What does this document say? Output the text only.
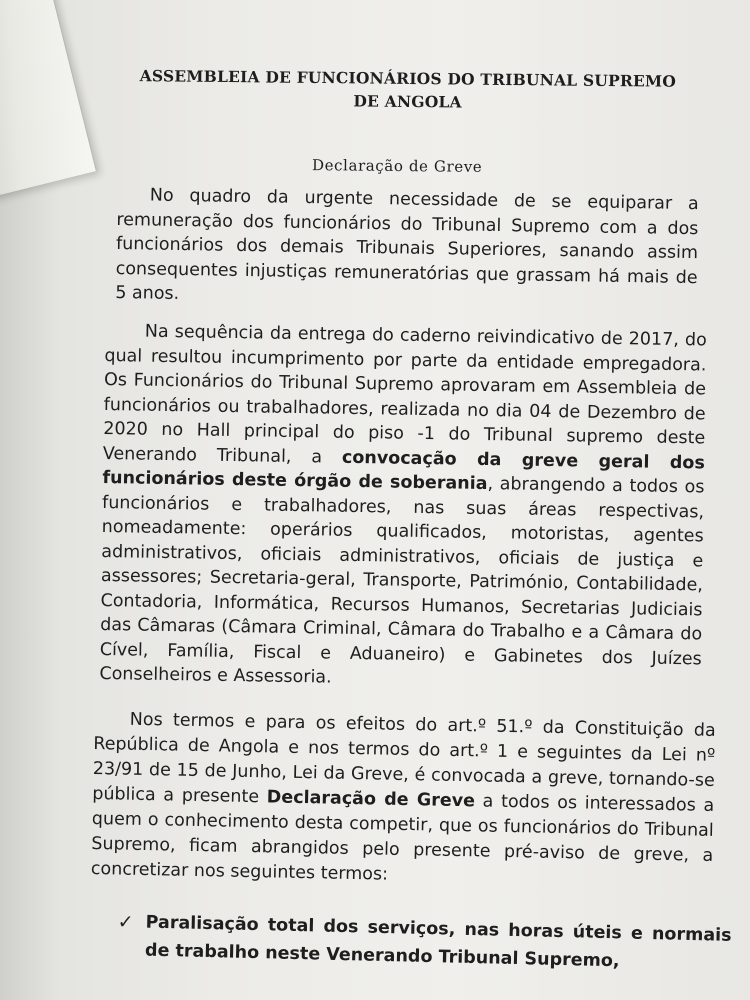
ASSEMBLEIA DE FUNCIONÁRIOS DO TRIBUNAL SUPREMO
DE ANGOLA
Declaração de Greve

No quadro da urgente necessidade de se equiparar a remuneração dos funcionários do Tribunal Supremo com a dos funcionários dos demais Tribunais Superiores, sanando assim consequentes injustiças remuneratórias que grassam há mais de 5 anos.

Na sequência da entrega do caderno reivindicativo de 2017, do qual resultou incumprimento por parte da entidade empregadora. Os Funcionários do Tribunal Supremo aprovaram em Assembleia de funcionários ou trabalhadores, realizada no dia 04 de Dezembro de 2020 no Hall principal do piso -1 do Tribunal supremo deste Venerando Tribunal, a convocação da greve geral dos funcionários deste órgão de soberania, abrangendo a todos os funcionários e trabalhadores, nas suas áreas respectivas, nomeadamente: operários qualificados, motoristas, agentes administrativos, oficiais administrativos, oficiais de justiça e assessores; Secretaria-geral, Transporte, Património, Contabilidade, Contadoria, Informática, Recursos Humanos, Secretarias Judiciais das Câmaras (Câmara Criminal, Câmara do Trabalho e a Câmara do Cível, Família, Fiscal e Aduaneiro) e Gabinetes dos Juízes Conselheiros e Assessoria.

Nos termos e para os efeitos do art.º 51.º da Constituição da República de Angola e nos termos do art.º 1 e seguintes da Lei nº 23/91 de 15 de Junho, Lei da Greve, é convocada a greve, tornando-se pública a presente Declaração de Greve a todos os interessados a quem o conhecimento desta competir, que os funcionários do Tribunal Supremo, ficam abrangidos pelo presente pré-aviso de greve, a concretizar nos seguintes termos:

✓ Paralisação total dos serviços, nas horas úteis e normais de trabalho neste Venerando Tribunal Supremo,
